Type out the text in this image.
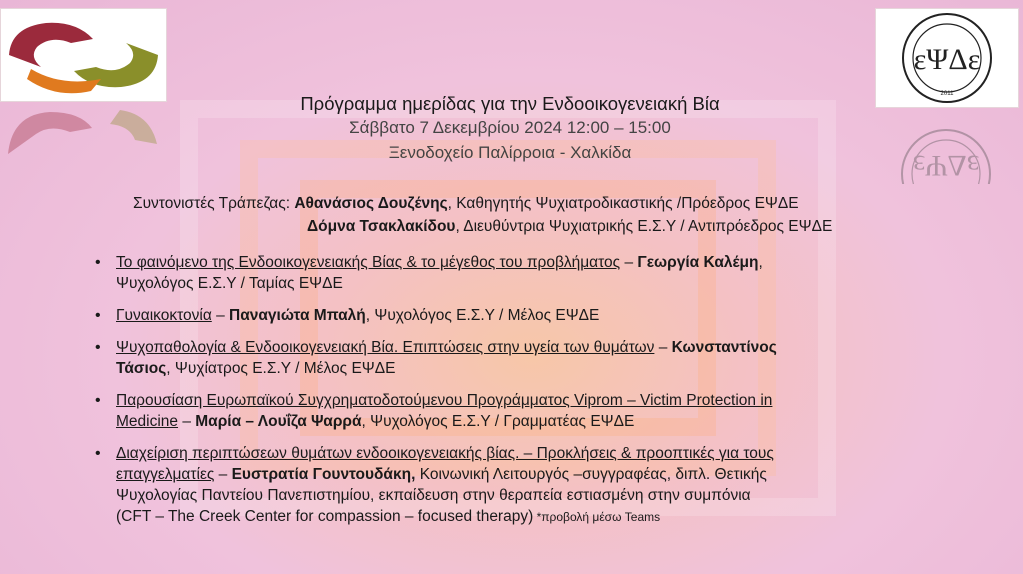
ΣΚΛΕ	εΨΔε
2011
εΨΔε
Πρόγραμμα ημερίδας για την Ενδοοικογενειακή Βία
Σάββατο 7 Δεκεμβρίου 2024 12:00 – 15:00
Ξενοδοχείο Παλίρροια - Χαλκίδα
Συντονιστές Τράπεζας: Αθανάσιος Δουζένης, Καθηγητής Ψυχιατροδικαστικής /Πρόεδρος ΕΨΔΕ
Δόμνα Τσακλακίδου, Διευθύντρια Ψυχιατρικής Ε.Σ.Υ / Αντιπρόεδρος ΕΨΔΕ
• Το φαινόμενο της Ενδοοικογενειακής Βίας & το μέγεθος του προβλήματος – Γεωργία Καλέμη,
Ψυχολόγος Ε.Σ.Υ / Ταμίας ΕΨΔΕ
• Γυναικοκτονία – Παναγιώτα Μπαλή, Ψυχολόγος Ε.Σ.Υ / Μέλος ΕΨΔΕ
• Ψυχοπαθολογία & Ενδοοικογενειακή Βία. Επιπτώσεις στην υγεία των θυμάτων – Κωνσταντίνος
Τάσιος, Ψυχίατρος Ε.Σ.Υ / Μέλος ΕΨΔΕ
• Παρουσίαση Ευρωπαϊκού Συγχρηματοδοτούμενου Προγράμματος Viprom – Victim Protection in
Medicine – Μαρία – Λουΐζα Ψαρρά, Ψυχολόγος Ε.Σ.Υ / Γραμματέας ΕΨΔΕ
• Διαχείριση περιπτώσεων θυμάτων ενδοοικογενειακής βίας. – Προκλήσεις & προοπτικές για τους
επαγγελματίες – Ευστρατία Γουντουδάκη, Κοινωνική Λειτουργός –συγγραφέας, διπλ. Θετικής
Ψυχολογίας Παντείου Πανεπιστημίου, εκπαίδευση στην θεραπεία εστιασμένη στην συμπόνια
(CFT – The Creek Center for compassion – focused therapy) *προβολή μέσω Teams
